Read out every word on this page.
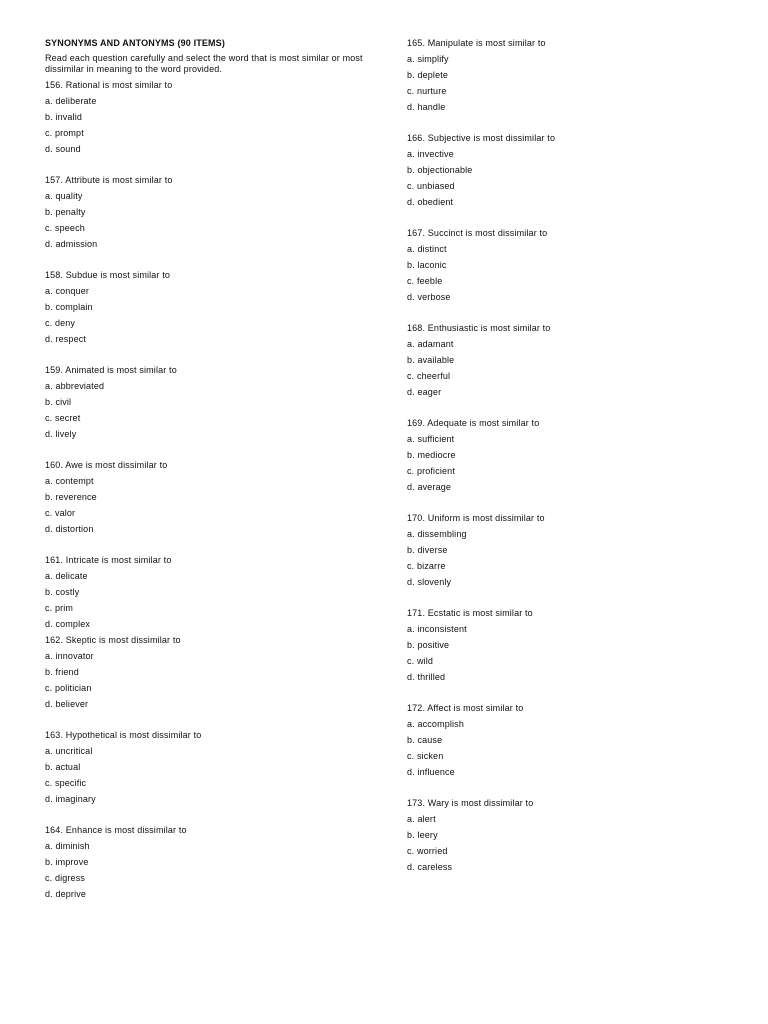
SYNONYMS AND ANTONYMS (90 ITEMS)
Read each question carefully and select the word that is most similar or most dissimilar in meaning to the word provided.
156. Rational is most similar to
a. deliberate
b. invalid
c. prompt
d. sound
157. Attribute is most similar to
a. quality
b. penalty
c. speech
d. admission
158. Subdue is most similar to
a. conquer
b. complain
c. deny
d. respect
159. Animated is most similar to
a. abbreviated
b. civil
c. secret
d. lively
160. Awe is most dissimilar to
a. contempt
b. reverence
c. valor
d. distortion
161. Intricate is most similar to
a. delicate
b. costly
c. prim
d. complex
162. Skeptic is most dissimilar to
a. innovator
b. friend
c. politician
d. believer
163. Hypothetical is most dissimilar to
a. uncritical
b. actual
c. specific
d. imaginary
164. Enhance is most dissimilar to
a. diminish
b. improve
c. digress
d. deprive
165. Manipulate is most similar to
a. simplify
b. deplete
c. nurture
d. handle
166. Subjective is most dissimilar to
a. invective
b. objectionable
c. unbiased
d. obedient
167. Succinct is most dissimilar to
a. distinct
b. laconic
c. feeble
d. verbose
168. Enthusiastic is most similar to
a. adamant
b. available
c. cheerful
d. eager
169. Adequate is most similar to
a. sufficient
b. mediocre
c. proficient
d. average
170. Uniform is most dissimilar to
a. dissembling
b. diverse
c. bizarre
d. slovenly
171. Ecstatic is most similar to
a. inconsistent
b. positive
c. wild
d. thrilled
172. Affect is most similar to
a. accomplish
b. cause
c. sicken
d. influence
173. Wary is most dissimilar to
a. alert
b. leery
c. worried
d. careless
